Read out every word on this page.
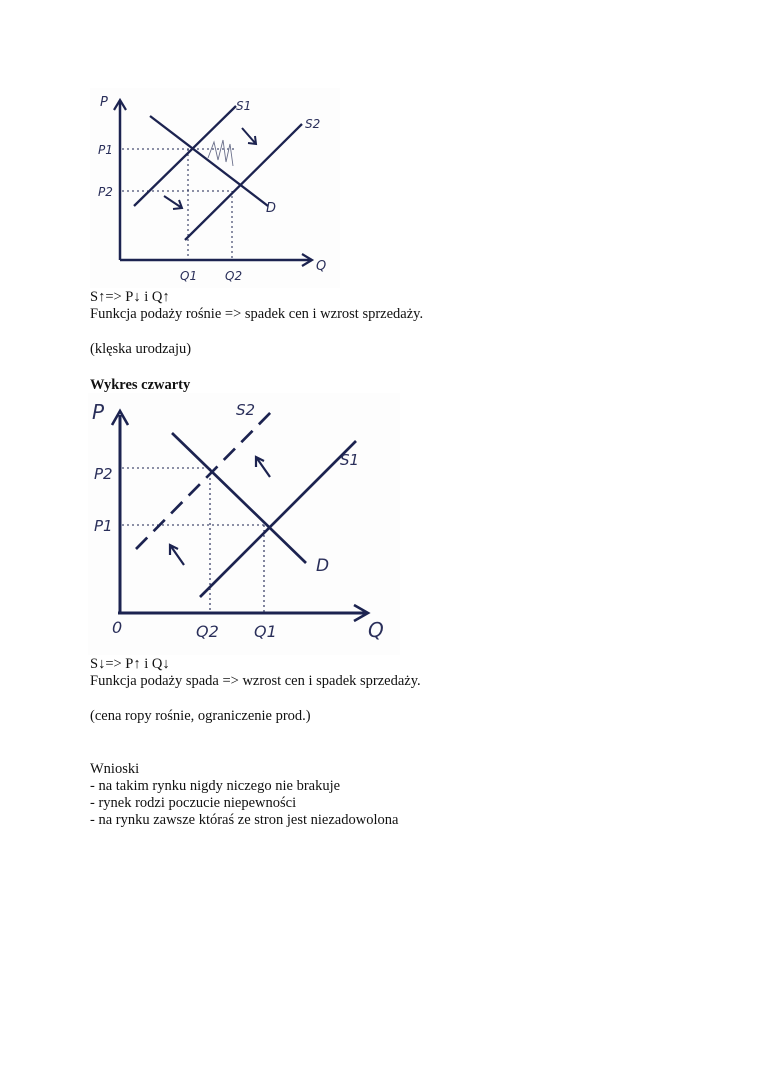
P
Q
P1
P2
Q1 Q2
S1
S2
D
S↑=> P↓ i Q↑
Funkcja podaży rośnie => spadek cen i wzrost sprzedaży.
(klęska urodzaju)
Wykres czwarty
P
Q
0
P2
P1
Q2 Q1
S2
S1
D
S↓=> P↑ i Q↓
Funkcja podaży spada => wzrost cen i spadek sprzedaży.
(cena ropy rośnie, ograniczenie prod.)
Wnioski
- na takim rynku nigdy niczego nie brakuje
- rynek rodzi poczucie niepewności
- na rynku zawsze któraś ze stron jest niezadowolona
